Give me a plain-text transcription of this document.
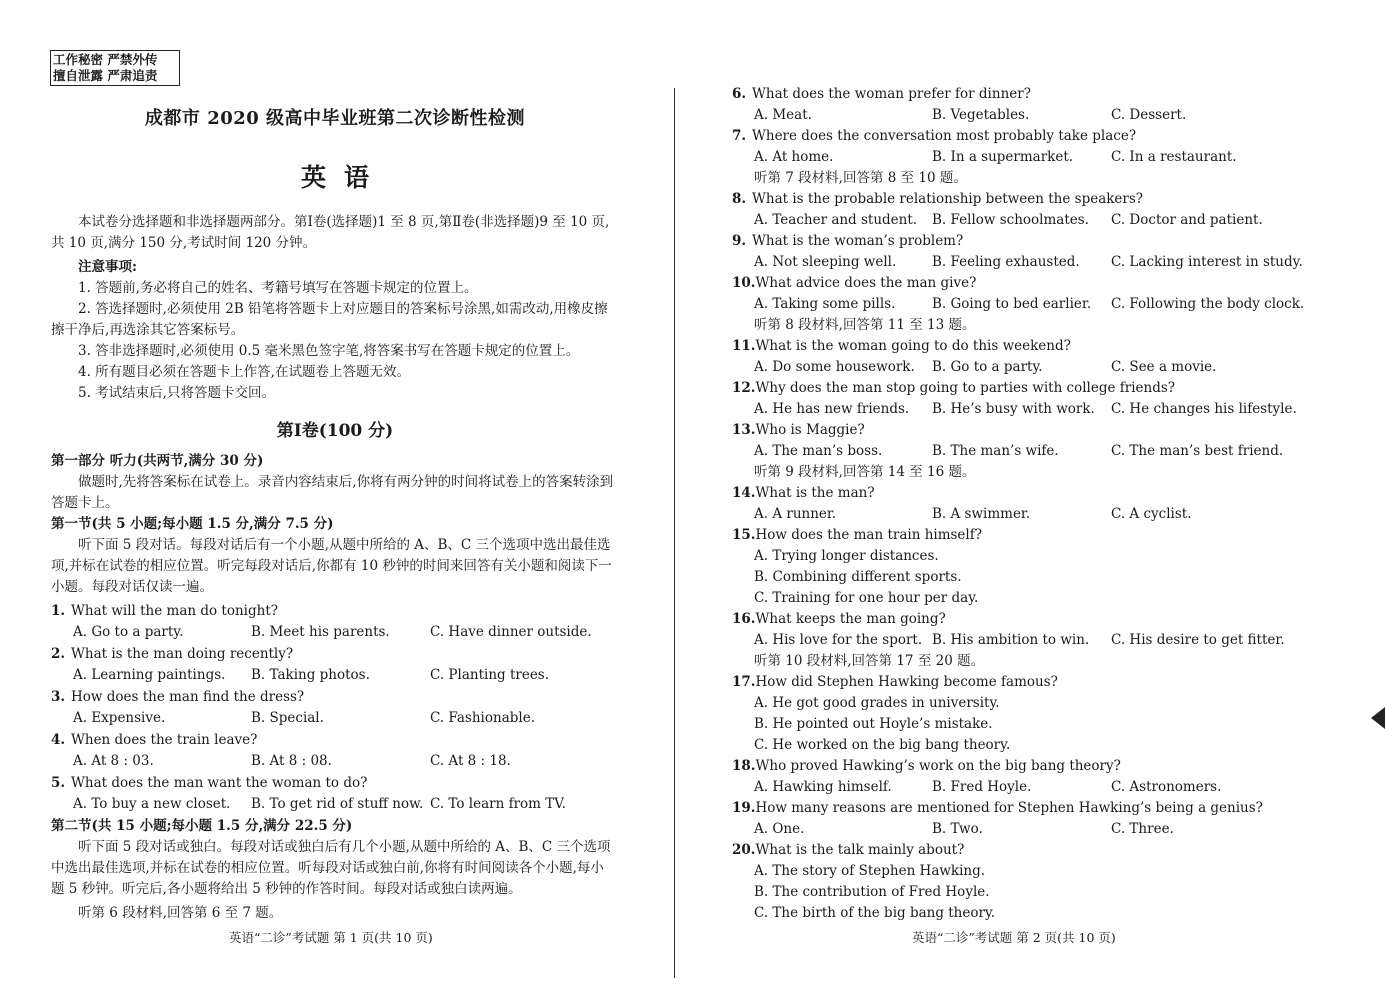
工作秘密 严禁外传
擅自泄露 严肃追责
成都市 2020 级高中毕业班第二次诊断性检测
英语
本试卷分选择题和非选择题两部分。第Ⅰ卷(选择题)1 至 8 页,第Ⅱ卷(非选择题)9 至 10 页,共 10 页,满分 150 分,考试时间 120 分钟。
注意事项:
1. 答题前,务必将自己的姓名、考籍号填写在答题卡规定的位置上。
2. 答选择题时,必须使用 2B 铅笔将答题卡上对应题目的答案标号涂黑,如需改动,用橡皮擦擦干净后,再选涂其它答案标号。
3. 答非选择题时,必须使用 0.5 毫米黑色签字笔,将答案书写在答题卡规定的位置上。
4. 所有题目必须在答题卡上作答,在试题卷上答题无效。
5. 考试结束后,只将答题卡交回。
第Ⅰ卷(100 分)
第一部分 听力(共两节,满分 30 分)
做题时,先将答案标在试卷上。录音内容结束后,你将有两分钟的时间将试卷上的答案转涂到答题卡上。
第一节(共 5 小题;每小题 1.5 分,满分 7.5 分)
听下面 5 段对话。每段对话后有一个小题,从题中所给的 A、B、C 三个选项中选出最佳选项,并标在试卷的相应位置。听完每段对话后,你都有 10 秒钟的时间来回答有关小题和阅读下一小题。每段对话仅读一遍。
1. What will the man do tonight?
A. Go to a party.	B. Meet his parents.	C. Have dinner outside.
2. What is the man doing recently?
A. Learning paintings. B. Taking photos.	C. Planting trees.
3. How does the man find the dress?
A. Expensive.	B. Special.	C. Fashionable.
4. When does the train leave?
A. At 8 : 03.	B. At 8 : 08.	C. At 8 : 18.
5. What does the man want the woman to do?
A. To buy a new closet. B. To get rid of stuff now. C. To learn from TV.
第二节(共 15 小题;每小题 1.5 分,满分 22.5 分)
听下面 5 段对话或独白。每段对话或独白后有几个小题,从题中所给的 A、B、C 三个选项中选出最佳选项,并标在试卷的相应位置。听每段对话或独白前,你将有时间阅读各个小题,每小题 5 秒钟。听完后,各小题将给出 5 秒钟的作答时间。每段对话或独白读两遍。
听第 6 段材料,回答第 6 至 7 题。
英语“二诊”考试题 第 1 页(共 10 页)
6. What does the woman prefer for dinner?
A. Meat.	B. Vegetables.	C. Dessert.
7. Where does the conversation most probably take place?
A. At home.	B. In a supermarket.	C. In a restaurant.
听第 7 段材料,回答第 8 至 10 题。
8. What is the probable relationship between the speakers?
A. Teacher and student. B. Fellow schoolmates. C. Doctor and patient.
9. What is the woman’s problem?
A. Not sleeping well.	B. Feeling exhausted. C. Lacking interest in study.
10.What advice does the man give?
A. Taking some pills.	B. Going to bed earlier. C. Following the body clock.
听第 8 段材料,回答第 11 至 13 题。
11.What is the woman going to do this weekend?
A. Do some housework. B. Go to a party.	C. See a movie.
12.Why does the man stop going to parties with college friends?
A. He has new friends. B. He’s busy with work. C. He changes his lifestyle.
13.Who is Maggie?
A. The man’s boss.	B. The man’s wife.	C. The man’s best friend.
听第 9 段材料,回答第 14 至 16 题。
14.What is the man?
A. A runner.	B. A swimmer.	C. A cyclist.
15.How does the man train himself?
A. Trying longer distances.
B. Combining different sports.
C. Training for one hour per day.
16.What keeps the man going?
A. His love for the sport. B. His ambition to win. C. His desire to get fitter.
听第 10 段材料,回答第 17 至 20 题。
17.How did Stephen Hawking become famous?
A. He got good grades in university.
B. He pointed out Hoyle’s mistake.
C. He worked on the big bang theory.
18.Who proved Hawking’s work on the big bang theory?
A. Hawking himself.	B. Fred Hoyle.	C. Astronomers.
19.How many reasons are mentioned for Stephen Hawking’s being a genius?
A. One.	B. Two.	C. Three.
20.What is the talk mainly about?
A. The story of Stephen Hawking.
B. The contribution of Fred Hoyle.
C. The birth of the big bang theory.
英语“二诊”考试题 第 2 页(共 10 页)
